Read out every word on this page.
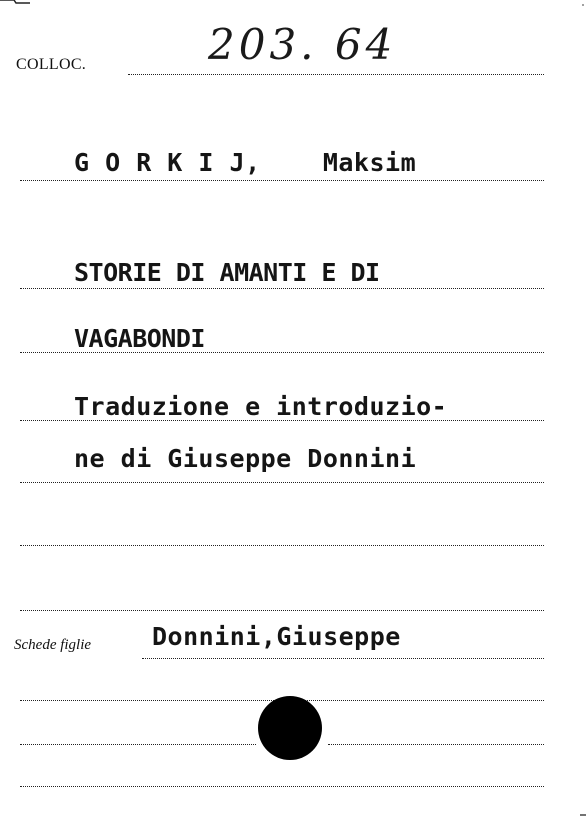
COLLOC.	203. 64
G O R K I J,    Maksim
STORIE DI AMANTI E DI
VAGABONDI
Traduzione e introduzio-
ne di Giuseppe Donnini
Schede figlie Donnini,Giuseppe
